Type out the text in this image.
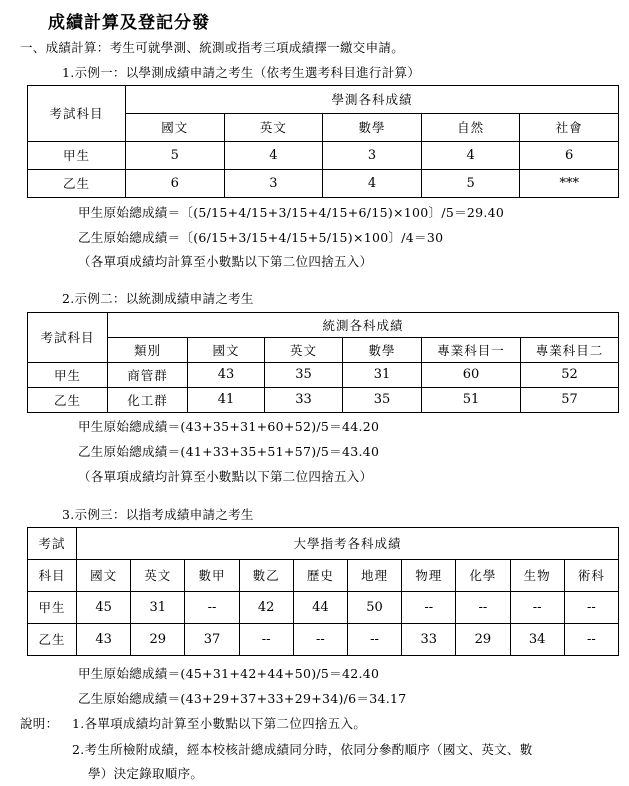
成績計算及登記分發
一、成績計算：考生可就學測、統測或指考三項成績擇一繳交申請。
1.示例一：以學測成績申請之考生（依考生選考科目進行計算）
考試科目	學測各科成績				
	國文	英文	數學	自然	社會
甲生	5	4	3	4	6
乙生	6	3	4	5	***
甲生原始總成績＝〔(5/15+4/15+3/15+4/15+6/15)×100〕/5＝29.40
乙生原始總成績＝〔(6/15+3/15+4/15+5/15)×100〕/4＝30
（各單項成績均計算至小數點以下第二位四捨五入）
2.示例二：以統測成績申請之考生
考試科目	統測各科成績					
	類別	國文	英文	數學	專業科目一	專業科目二
甲生	商管群	43	35	31	60	52
乙生	化工群	41	33	35	51	57
甲生原始總成績＝(43+35+31+60+52)/5＝44.20
乙生原始總成績＝(41+33+35+51+57)/5＝43.40
（各單項成績均計算至小數點以下第二位四捨五入）
3.示例三：以指考成績申請之考生
考試	大學指考各科成績									
科目	國文	英文	數甲	數乙	歷史	地理	物理	化學	生物	術科
甲生	45	31	--	42	44	50	--	--	--	--
乙生	43	29	37	--	--	--	33	29	34	--
甲生原始總成績＝(45+31+42+44+50)/5＝42.40
乙生原始總成績＝(43+29+37+33+29+34)/6＝34.17
說明： 1.各單項成績均計算至小數點以下第二位四捨五入。
2.考生所檢附成績，經本校核計總成績同分時，依同分參酌順序（國文、英文、數
學）決定錄取順序。
